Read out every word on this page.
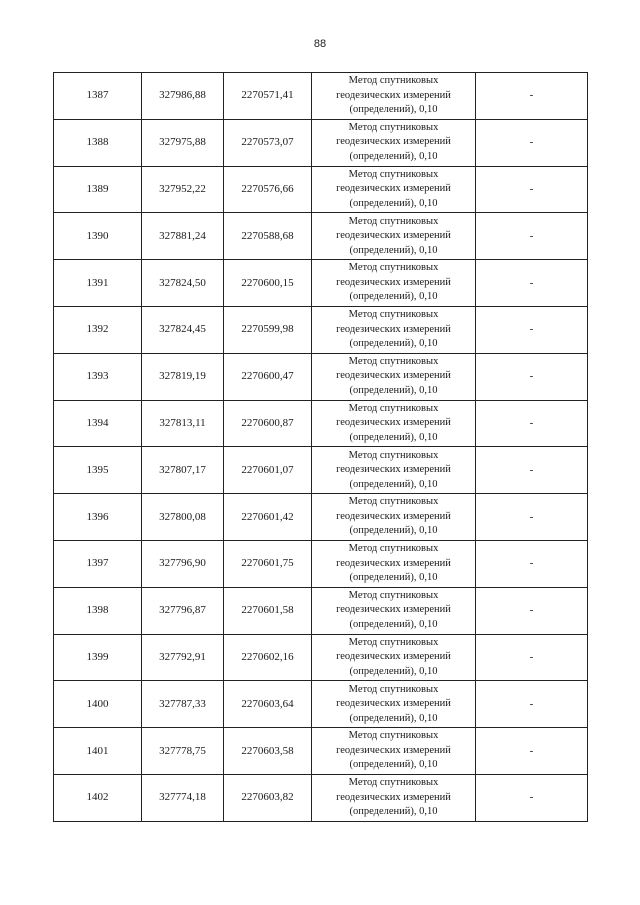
88
1387	327986,88	2270571,41	Метод спутниковых
геодезических измерений
(определений), 0,10	-
1388	327975,88	2270573,07	Метод спутниковых
геодезических измерений
(определений), 0,10	-
1389	327952,22	2270576,66	Метод спутниковых
геодезических измерений
(определений), 0,10	-
1390	327881,24	2270588,68	Метод спутниковых
геодезических измерений
(определений), 0,10	-
1391	327824,50	2270600,15	Метод спутниковых
геодезических измерений
(определений), 0,10	-
1392	327824,45	2270599,98	Метод спутниковых
геодезических измерений
(определений), 0,10	-
1393	327819,19	2270600,47	Метод спутниковых
геодезических измерений
(определений), 0,10	-
1394	327813,11	2270600,87	Метод спутниковых
геодезических измерений
(определений), 0,10	-
1395	327807,17	2270601,07	Метод спутниковых
геодезических измерений
(определений), 0,10	-
1396	327800,08	2270601,42	Метод спутниковых
геодезических измерений
(определений), 0,10	-
1397	327796,90	2270601,75	Метод спутниковых
геодезических измерений
(определений), 0,10	-
1398	327796,87	2270601,58	Метод спутниковых
геодезических измерений
(определений), 0,10	-
1399	327792,91	2270602,16	Метод спутниковых
геодезических измерений
(определений), 0,10	-
1400	327787,33	2270603,64	Метод спутниковых
геодезических измерений
(определений), 0,10	-
1401	327778,75	2270603,58	Метод спутниковых
геодезических измерений
(определений), 0,10	-
1402	327774,18	2270603,82	Метод спутниковых
геодезических измерений
(определений), 0,10	-
